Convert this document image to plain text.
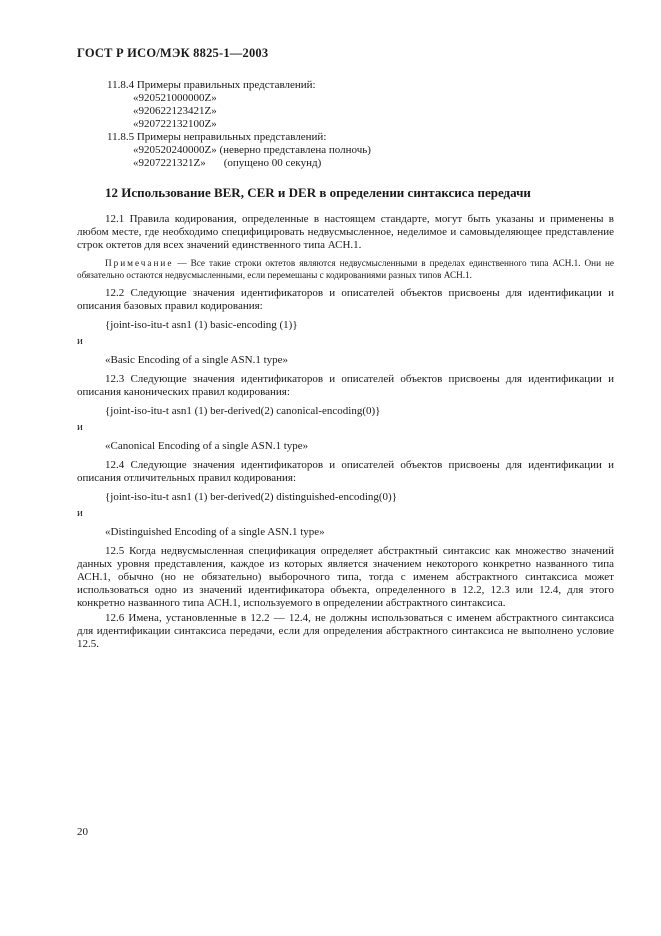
ГОСТ Р ИСО/МЭК 8825-1—2003

11.8.4 Примеры правильных представлений:

«920521000000Z»

«920622123421Z»

«920722132100Z»

11.8.5 Примеры неправильных представлений:

«920520240000Z» (неверно представлена полночь)

«9207221321Z» (опущено 00 секунд)

12 Использование BER, CER и DER в определении синтаксиса передачи

12.1 Правила кодирования, определенные в настоящем стандарте, могут быть указаны и применены в любом месте, где необходимо специфицировать недвусмысленное, неделимое и самовыделяющее представление строк октетов для всех значений единственного типа АСН.1.

Примечание — Все такие строки октетов являются недвусмысленными в пределах единственного типа АСН.1. Они не обязательно остаются недвусмысленными, если перемешаны с кодированиями разных типов АСН.1.

12.2 Следующие значения идентификаторов и описателей объектов присвоены для идентификации и описания базовых правил кодирования:

{joint-iso-itu-t asn1 (1) basic-encoding (1)}

и

«Basic Encoding of a single ASN.1 type»

12.3 Следующие значения идентификаторов и описателей объектов присвоены для идентификации и описания канонических правил кодирования:

{joint-iso-itu-t asn1 (1) ber-derived(2) canonical-encoding(0)}

и

«Canonical Encoding of a single ASN.1 type»

12.4 Следующие значения идентификаторов и описателей объектов присвоены для идентификации и описания отличительных правил кодирования:

{joint-iso-itu-t asn1 (1) ber-derived(2) distinguished-encoding(0)}

и

«Distinguished Encoding of a single ASN.1 type»

12.5 Когда недвусмысленная спецификация определяет абстрактный синтаксис как множество значений данных уровня представления, каждое из которых является значением некоторого конкретно названного типа АСН.1, обычно (но не обязательно) выборочного типа, тогда с именем абстрактного синтаксиса может использоваться одно из значений идентификатора объекта, определенного в 12.2, 12.3 или 12.4, для этого конкретно названного типа АСН.1, используемого в определении абстрактного синтаксиса.

12.6 Имена, установленные в 12.2 — 12.4, не должны использоваться с именем абстрактного синтаксиса для идентификации синтаксиса передачи, если для определения абстрактного синтаксиса не выполнено условие 12.5.

20
